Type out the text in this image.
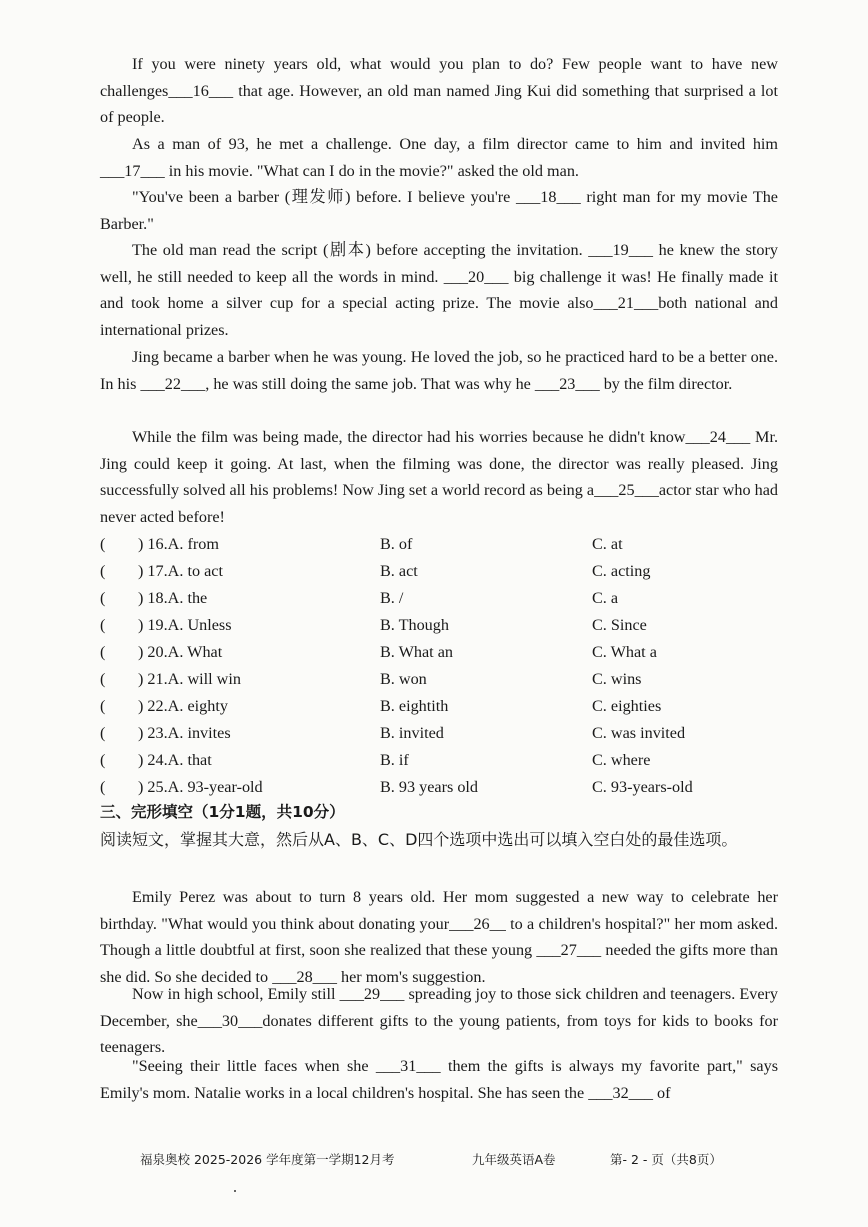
If you were ninety years old, what would you plan to do? Few people want to have new challenges___16___ that age. However, an old man named Jing Kui did something that surprised a lot of people.

As a man of 93, he met a challenge. One day, a film director came to him and invited him ___17___ in his movie. "What can I do in the movie?" asked the old man.

"You've been a barber (理发师) before. I believe you're ___18___ right man for my movie The Barber."

The old man read the script (剧本) before accepting the invitation. ___19___ he knew the story well, he still needed to keep all the words in mind. ___20___ big challenge it was! He finally made it and took home a silver cup for a special acting prize. The movie also___21___both national and international prizes.

Jing became a barber when he was young. He loved the job, so he practiced hard to be a better one. In his ___22___, he was still doing the same job. That was why he ___23___ by the film director.

While the film was being made, the director had his worries because he didn't know___24___ Mr. Jing could keep it going. At last, when the filming was done, the director was really pleased. Jing successfully solved all his problems! Now Jing set a world record as being a___25___actor star who had never acted before!

( ) 16.A. from	B. of	C. at
( ) 17.A. to act	B. act	C. acting
( ) 18.A. the	B. /	C. a
( ) 19.A. Unless	B. Though	C. Since
( ) 20.A. What	B. What an	C. What a
( ) 21.A. will win	B. won	C. wins
( ) 22.A. eighty	B. eightith	C. eighties
( ) 23.A. invites	B. invited	C. was invited
( ) 24.A. that	B. if	C. where
( ) 25.A. 93-year-old	B. 93 years old	C. 93-years-old
三、完形填空（1分1题，共10分）

阅读短文，掌握其大意，然后从A、B、C、D四个选项中选出可以填入空白处的最佳选项。

Emily Perez was about to turn 8 years old. Her mom suggested a new way to celebrate her birthday. "What would you think about donating your___26__ to a children's hospital?" her mom asked. Though a little doubtful at first, soon she realized that these young ___27___ needed the gifts more than she did. So she decided to ___28___ her mom's suggestion.

Now in high school, Emily still ___29___ spreading joy to those sick children and teenagers. Every December, she___30___donates different gifts to the young patients, from toys for kids to books for teenagers.

"Seeing their little faces when she ___31___ them the gifts is always my favorite part," says Emily's mom. Natalie works in a local children's hospital. She has seen the ___32___ of

福泉奥校 2025-2026 学年度第一学期12月考	九年级英语A卷	第- 2 - 页（共8页）
